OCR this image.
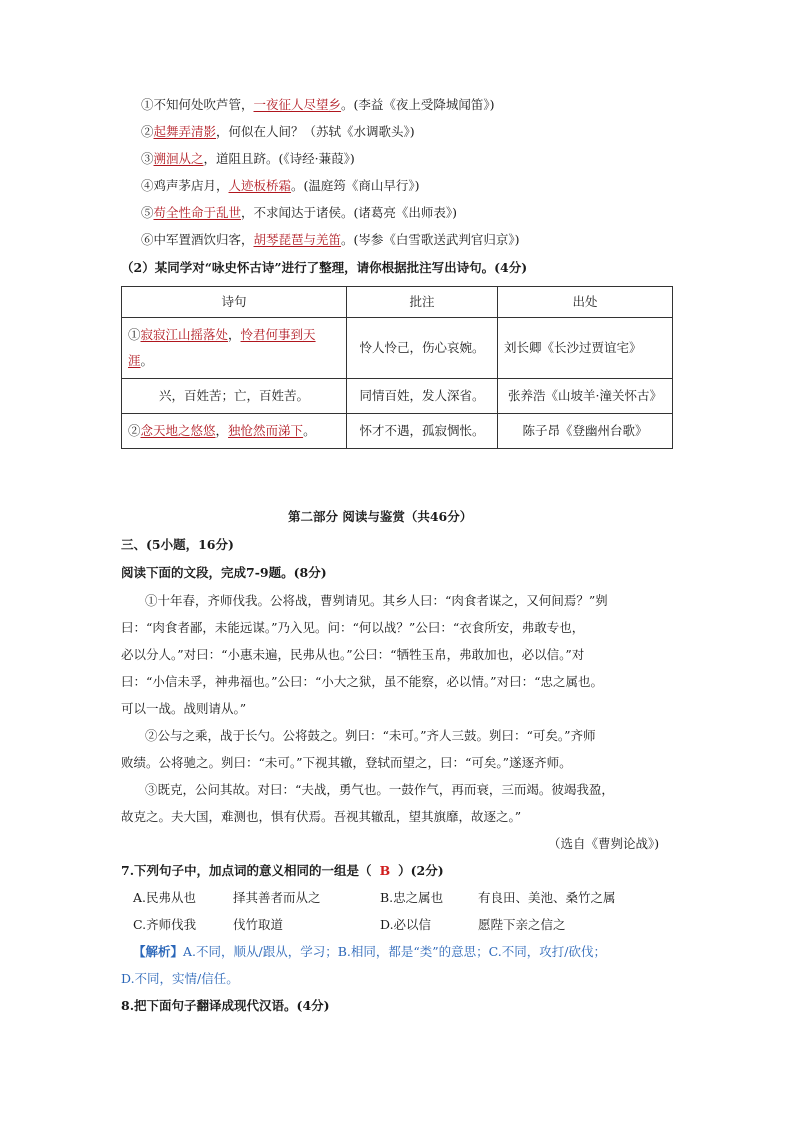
①不知何处吹芦管，一夜征人尽望乡。(李益《夜上受降城闻笛》)
②起舞弄清影，何似在人间？（苏轼《水调歌头》)
③溯洄从之，道阻且跻。(《诗经·蒹葭》)
④鸡声茅店月，人迹板桥霜。(温庭筠《商山早行》)
⑤苟全性命于乱世，不求闻达于诸侯。(诸葛亮《出师表》)
⑥中军置酒饮归客，胡琴琵琶与羌笛。(岑参《白雪歌送武判官归京》)
（2）某同学对“咏史怀古诗”进行了整理，请你根据批注写出诗句。(4分)
诗句	批注	出处
①寂寂江山摇落处，怜君何事到天涯。	怜人怜己，伤心哀婉。	刘长卿《长沙过贾谊宅》
兴，百姓苦；亡，百姓苦。	同情百姓，发人深省。	张养浩《山坡羊·潼关怀古》
②念天地之悠悠，独怆然而涕下。	怀才不遇，孤寂惆怅。	陈子昂《登幽州台歌》
第二部分 阅读与鉴赏（共46分）
三、(5小题，16分)
阅读下面的文段，完成7-9题。(8分)
①十年春，齐师伐我。公将战，曹刿请见。其乡人曰：“肉食者谋之，又何间焉？”刿
曰：“肉食者鄙，未能远谋。”乃入见。问：“何以战？”公曰：“衣食所安，弗敢专也，
必以分人。”对曰：“小惠未遍，民弗从也。”公曰：“牺牲玉帛，弗敢加也，必以信。”对
曰：“小信未孚，神弗福也。”公曰：“小大之狱，虽不能察，必以情。”对曰：“忠之属也。
可以一战。战则请从。”
②公与之乘，战于长勺。公将鼓之。刿曰：“未可。”齐人三鼓。刿曰：“可矣。”齐师
败绩。公将驰之。刿曰：“未可。”下视其辙，登轼而望之，曰：“可矣。”遂逐齐师。
③既克，公问其故。对曰：“夫战，勇气也。一鼓作气，再而衰，三而竭。彼竭我盈，
故克之。夫大国，难测也，惧有伏焉。吾视其辙乱，望其旗靡，故逐之。”
（选自《曹刿论战》)
7.下列句子中，加点词的意义相同的一组是（ B ）(2分)
A.民弗从也	择其善者而从之	B.忠之属也	有良田、美池、桑竹之属
C.齐师伐我	伐竹取道	D.必以信	愿陛下亲之信之
【解析】A.不同，顺从/跟从，学习；B.相同，都是“类”的意思；C.不同，攻打/砍伐；
D.不同，实情/信任。
8.把下面句子翻译成现代汉语。(4分)
